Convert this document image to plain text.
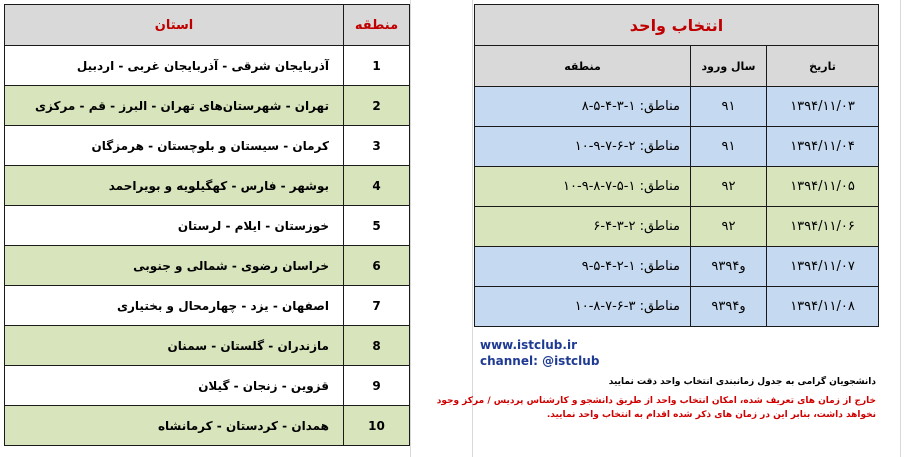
استان	منطقه
آذربایجان شرقی - آذربایجان غربی - اردبیل	1
تهران - شهرستان‌های تهران - البرز - قم - مرکزی	2
کرمان - سیستان و بلوچستان - هرمزگان	3
بوشهر - فارس - کهگیلویه و بویراحمد	4
خوزستان - ایلام - لرستان	5
خراسان رضوی - شمالی و جنوبی	6
اصفهان - یزد - چهارمحال و بختیاری	7
مازندران - گلستان - سمنان	8
قزوین - زنجان - گیلان	9
همدان - کردستان - کرمانشاه	10
انتخاب واحد		
منطقه	سال ورود	تاریخ
مناطق: ۱-۳-۴-۵-۸	۹۱	۱۳۹۴/۱۱/۰۳
مناطق: ۲-۶-۷-۹-۱۰	۹۱	۱۳۹۴/۱۱/۰۴
مناطق: ۱-۵-۷-۸-۹-۱۰	۹۲	۱۳۹۴/۱۱/۰۵
مناطق: ۲-۳-۴-۶	۹۲	۱۳۹۴/۱۱/۰۶
مناطق: ۱-۲-۴-۵-۹	۹۳و۹۴	۱۳۹۴/۱۱/۰۷
مناطق: ۳-۶-۷-۸-۱۰	۹۳و۹۴	۱۳۹۴/۱۱/۰۸
www.istclub.ir
channel: @istclub
دانشجویان گرامی به جدول زمانبندی انتخاب واحد دقت نمایید
خارج از زمان های تعریف شده، امکان انتخاب واحد از طریق دانشجو و کارشناس پردیس / مرکز وجود
نخواهد داشت، بنابر این در زمان های ذکر شده اقدام به انتخاب واحد نمایید.
